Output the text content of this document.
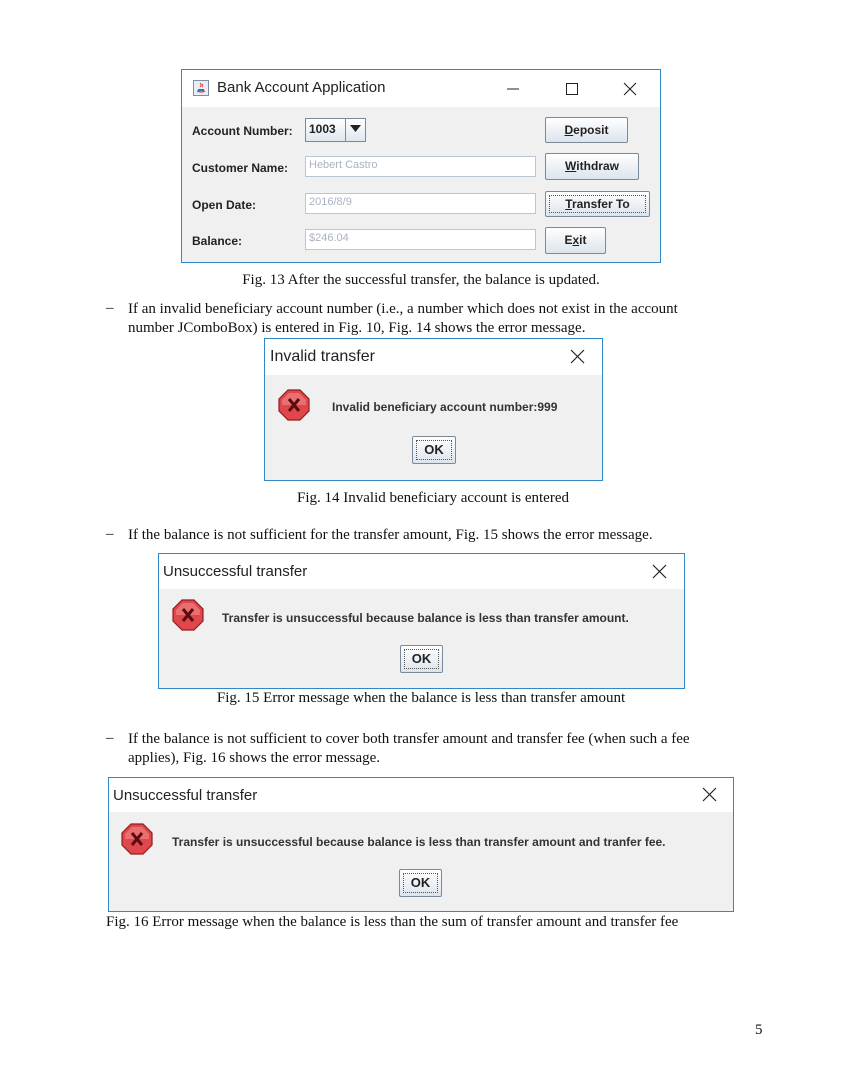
Bank Account Application
Account Number: 1003
Customer Name:	Hebert Castro
Open Date:	2016/8/9
Balance:	$246.04
Deposit
Withdraw
Transfer To
Exit
Fig. 13 After the successful transfer, the balance is updated.
– If an invalid beneficiary account number (i.e., a number which does not exist in the account
number JComboBox) is entered in Fig. 10, Fig. 14 shows the error message.
Invalid transfer
Invalid beneficiary account number:999
OK
Fig. 14 Invalid beneficiary account is entered
– If the balance is not sufficient for the transfer amount, Fig. 15 shows the error message.
Unsuccessful transfer
Transfer is unsuccessful because balance is less than transfer amount.
OK
Fig. 15 Error message when the balance is less than transfer amount
– If the balance is not sufficient to cover both transfer amount and transfer fee (when such a fee
applies), Fig. 16 shows the error message.
Unsuccessful transfer
Transfer is unsuccessful because balance is less than transfer amount and tranfer fee.
OK
Fig. 16 Error message when the balance is less than the sum of transfer amount and transfer fee
5
